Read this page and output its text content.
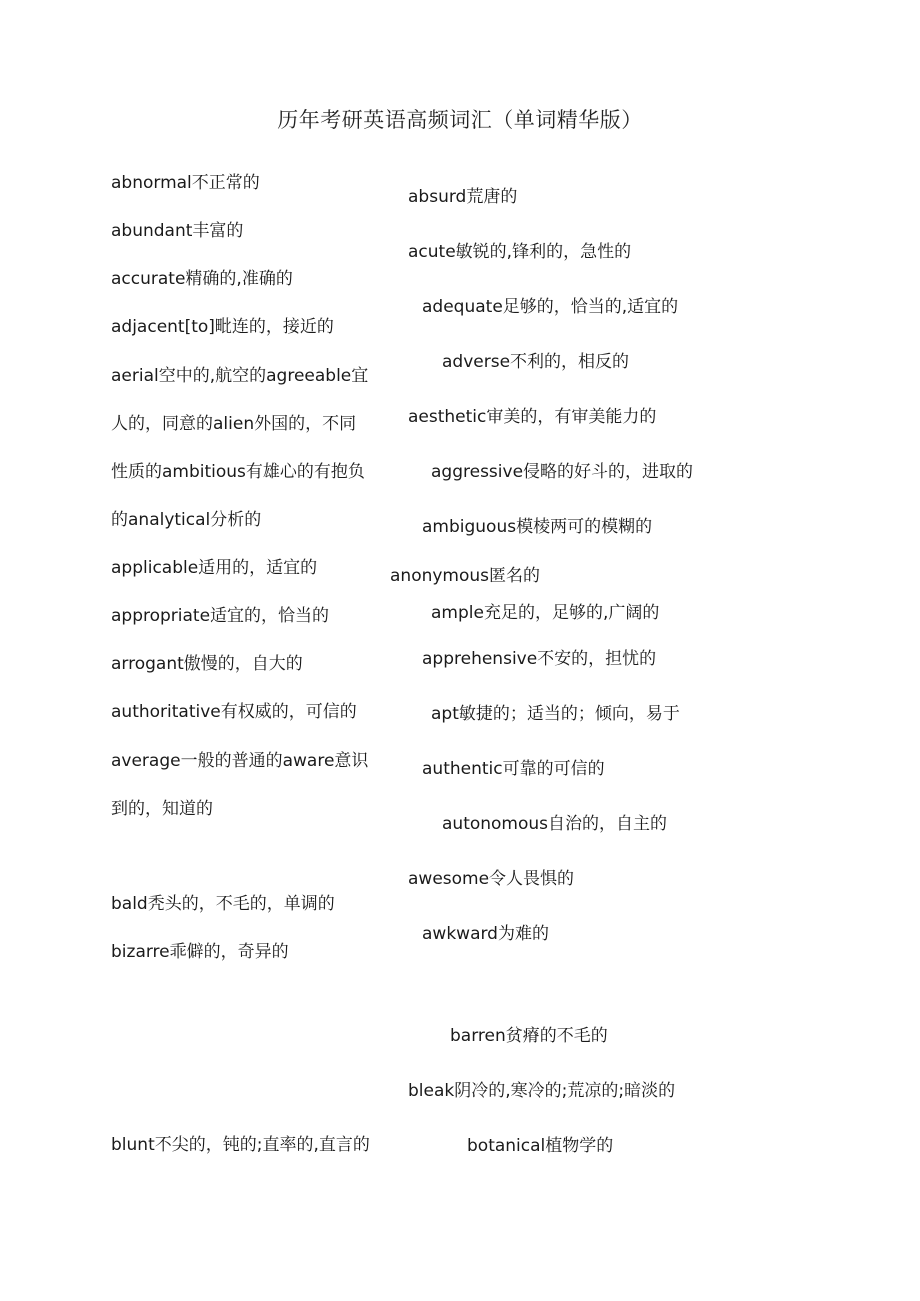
历年考研英语高频词汇（单词精华版）
abnormal不正常的
abundant丰富的
accurate精确的,准确的
adjacent[to]毗连的，接近的
aerial空中的,航空的agreeable宜
人的，同意的alien外国的，不同
性质的ambitious有雄心的有抱负
的analytical分析的
applicable适用的，适宜的
appropriate适宜的，恰当的
arrogant傲慢的，自大的
authoritative有权威的，可信的
average一般的普通的aware意识
到的，知道的
bald秃头的，不毛的，单调的
bizarre乖僻的，奇异的
blunt不尖的，钝的;直率的,直言的
absurd荒唐的
acute敏锐的,锋利的，急性的
adequate足够的，恰当的,适宜的
adverse不利的，相反的
aesthetic审美的，有审美能力的
aggressive侵略的好斗的，进取的
ambiguous模棱两可的模糊的
anonymous匿名的
ample充足的，足够的,广阔的
apprehensive不安的，担忧的
apt敏捷的；适当的；倾向，易于
authentic可靠的可信的
autonomous自治的，自主的
awesome令人畏惧的
awkward为难的
barren贫瘠的不毛的
bleak阴冷的,寒冷的;荒凉的;暗淡的
botanical植物学的
